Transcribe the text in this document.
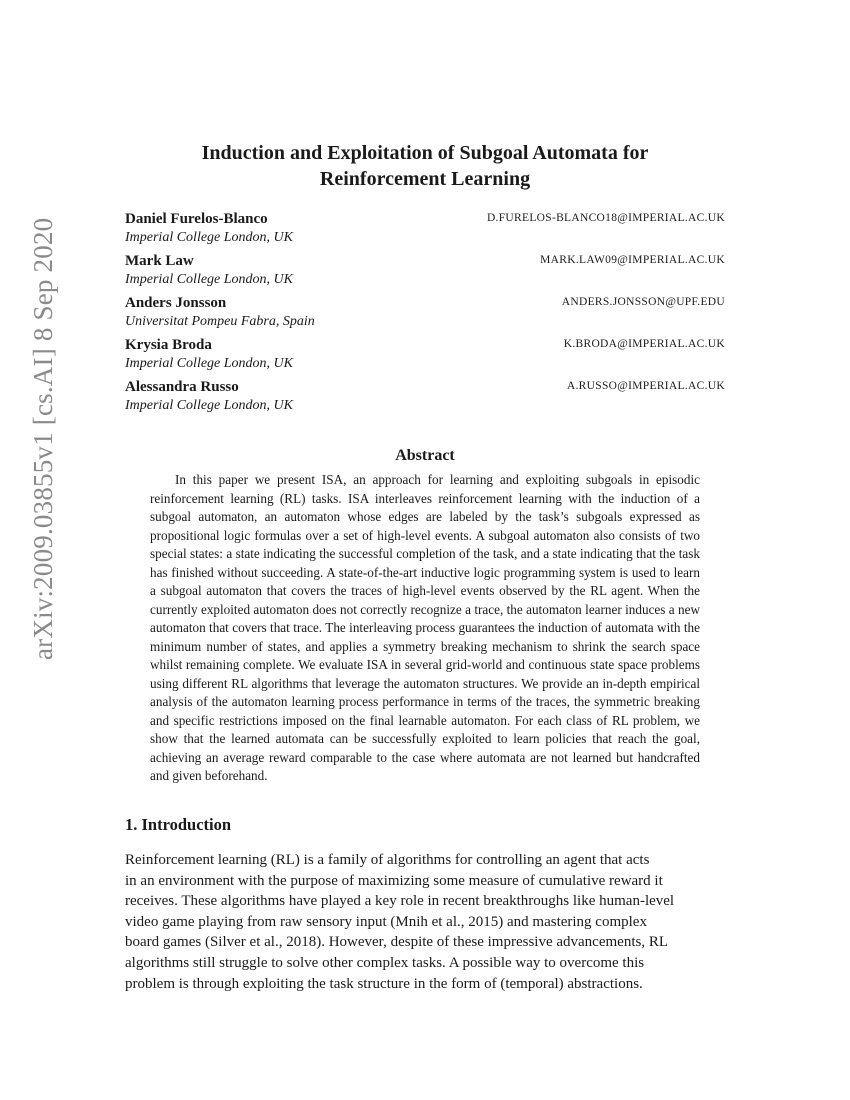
arXiv:2009.03855v1 [cs.AI] 8 Sep 2020
Induction and Exploitation of Subgoal Automata for
Reinforcement Learning
Daniel Furelos-Blanco
Imperial College London, UK
D.FURELOS-BLANCO18@IMPERIAL.AC.UK
Mark Law
Imperial College London, UK
MARK.LAW09@IMPERIAL.AC.UK
Anders Jonsson
Universitat Pompeu Fabra, Spain
ANDERS.JONSSON@UPF.EDU
Krysia Broda
Imperial College London, UK
K.BRODA@IMPERIAL.AC.UK
Alessandra Russo
Imperial College London, UK
A.RUSSO@IMPERIAL.AC.UK
Abstract

In this paper we present ISA, an approach for learning and exploiting subgoals in episodic reinforcement learning (RL) tasks. ISA interleaves reinforcement learning with the induction of a subgoal automaton, an automaton whose edges are labeled by the task’s subgoals expressed as propositional logic formulas over a set of high-level events. A subgoal automaton also consists of two special states: a state indicating the successful completion of the task, and a state indicating that the task has finished without succeeding. A state-of-the-art inductive logic programming system is used to learn a subgoal automaton that covers the traces of high-level events observed by the RL agent. When the currently exploited automaton does not correctly recognize a trace, the automaton learner induces a new automaton that covers that trace. The interleaving process guarantees the induction of automata with the minimum number of states, and applies a symmetry breaking mechanism to shrink the search space whilst remaining complete. We evaluate ISA in several grid-world and continuous state space problems using different RL algorithms that leverage the automaton structures. We provide an in-depth empirical analysis of the automaton learning process performance in terms of the traces, the symmetric breaking and specific restrictions imposed on the final learnable automaton. For each class of RL problem, we show that the learned automata can be successfully exploited to learn policies that reach the goal, achieving an average reward comparable to the case where automata are not learned but handcrafted and given beforehand.

1. Introduction

Reinforcement learning (RL) is a family of algorithms for controlling an agent that acts
in an environment with the purpose of maximizing some measure of cumulative reward it
receives. These algorithms have played a key role in recent breakthroughs like human-level
video game playing from raw sensory input (Mnih et al., 2015) and mastering complex
board games (Silver et al., 2018). However, despite of these impressive advancements, RL
algorithms still struggle to solve other complex tasks. A possible way to overcome this
problem is through exploiting the task structure in the form of (temporal) abstractions.
